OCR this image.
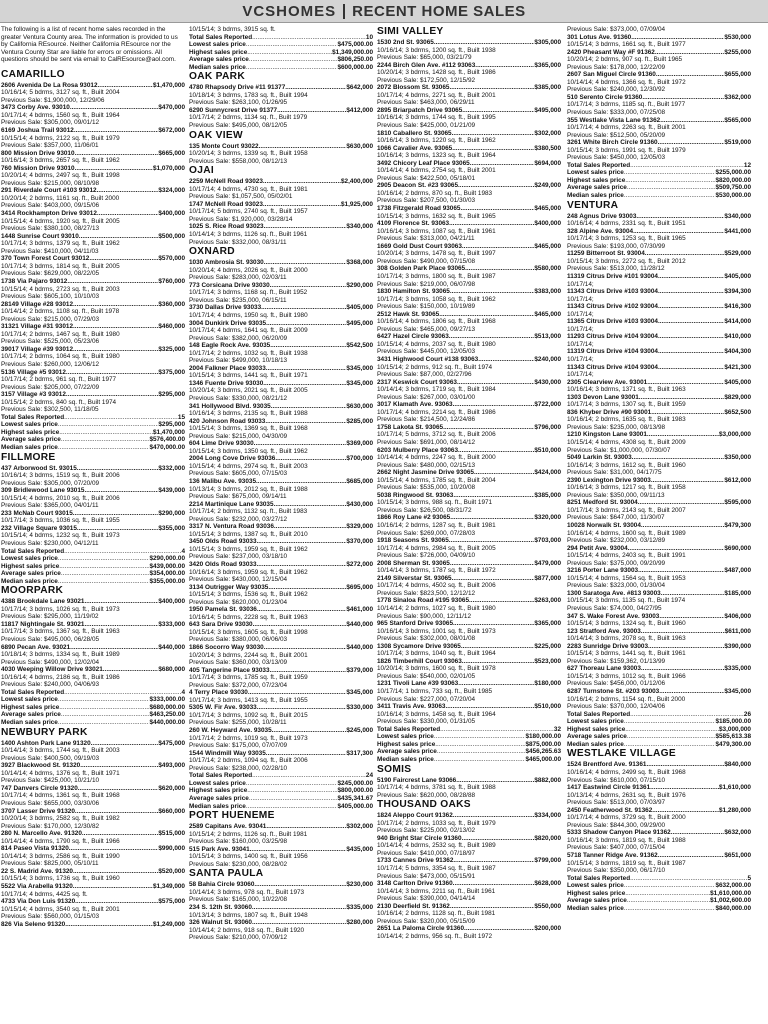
VCSHOMES RECENT HOME SALES
The following is a list of recent home sales recorded in the greater Ventura County area. The information is provided to us by California REsource. Neither California REsource nor the Ventura County Star are liable for errors or omissions. All questions should be sent via email to CalREsource@aol.com.
CAMARILLO
2606 Avenida De La Rosa 93012 .....	$1,470,000
10/16/14; 5 bdrms, 3127 sq. ft., Built 2004
Previous Sale: $1,900,000, 12/29/06
3473 Corby Ave. 93010 .....	$470,000
10/17/14; 4 bdrms, 1560 sq. ft., Built 1964
Previous Sale: $305,000, 09/01/12
6169 Joshua Trail 93012 .....	$672,000
10/15/14; 4 bdrms, 2122 sq. ft., Built 1979
Previous Sale: $357,000, 11/06/01
800 Mission Drive 93010 .....	$665,000
10/16/14; 3 bdrms, 2657 sq. ft., Built 1962
760 Mission Drive 93010 .....	$1,070,000
10/20/14; 4 bdrms, 2497 sq. ft., Built 1998
Previous Sale: $215,000, 08/10/98
291 Riverdale Court #103 93012 .....	$324,000
10/20/14; 2 bdrms, 1161 sq. ft., Built 2000
Previous Sale: $403,000, 09/15/06
3414 Rockhampton Drive 93012 .....	$400,000
10/15/14; 4 bdrms, 1920 sq. ft., Built 2005
Previous Sale: $380,100, 08/27/13
1448 Sunrise Court 93010 .....	$500,000
10/17/14; 3 bdrms, 1379 sq. ft., Built 1962
Previous Sale: $410,000, 04/11/03
370 Town Forest Court 93012 .....	$570,000
10/17/14; 3 bdrms, 1814 sq. ft., Built 2005
Previous Sale: $629,000, 08/22/05
1738 Via Pajaro 93012 .....	$760,000
10/15/14; 4 bdrms, 2723 sq. ft., Built 2003
Previous Sale: $605,100, 10/10/03
28149 Village #28 93012 .....	$360,000
10/14/14; 2 bdrms, 1108 sq. ft., Built 1978
Previous Sale: $215,000, 07/29/03
31321 Village #31 93012 .....	$460,000
10/17/14; 2 bdrms, 1467 sq. ft., Built 1980
Previous Sale: $525,000, 05/23/06
39017 Village #39 93012 .....	$325,000
10/17/14; 2 bdrms, 1064 sq. ft., Built 1980
Previous Sale: $260,000, 12/06/12
5136 Village #5 93012 .....	$375,000
10/17/14; 2 bdrms, 961 sq. ft., Built 1977
Previous Sale: $205,000, 07/22/09
3157 Village #3 93012 .....	$295,000
10/15/14; 2 bdrms, 840 sq. ft., Built 1974
Previous Sale: $302,500, 11/18/05
Total Sales Reported .....	15
Lowest sales price .....	$295,000
Highest sales price .....	$1,470,000
Average sales price .....	$576,400.00
Median sales price .....	$470,000.00
FILLMORE
437 Arborwood St. 93015 .....	$332,000
10/16/14; 3 bdrms, 1519 sq. ft., Built 2006
Previous Sale: $305,000, 07/20/09
309 Bridlewood Lane 93015 .....	$439,000
10/15/14; 4 bdrms, 2010 sq. ft., Built 2006
Previous Sale: $365,000, 04/01/11
233 McNab Court 93015 .....	$290,000
10/17/14; 3 bdrms, 1036 sq. ft., Built 1955
232 Village Square 93015 .....	$355,000
10/15/14; 4 bdrms, 1232 sq. ft., Built 1973
Previous Sale: $230,000, 04/12/11
Total Sales Reported .....	4
Lowest sales price .....	$290,000.00
Highest sales price .....	$439,000.00
Average sales price .....	$354,000.00
Median sales price .....	$355,000.00
MOORPARK
4388 Brookdale Lane 93021 .....	$400,000
10/17/14; 3 bdrms, 1026 sq. ft., Built 1973
Previous Sale: $295,000, 11/19/02
11817 Nightingale St. 93021 .....	$333,000
10/17/14; 3 bdrms, 1367 sq. ft., Built 1963
Previous Sale: $495,000, 06/28/05
6890 Pecan Ave. 93021 .....	$440,000
10/18/14; 3 bdrms, 1334 sq. ft., Built 1989
Previous Sale: $490,000, 12/02/04
4030 Weeping Willow Drive 93021 .....	$680,000
10/16/14; 4 bdrms, 2186 sq. ft., Built 1986
Previous Sale: $240,000, 04/06/93
Total Sales Reported .....	4
Lowest sales price .....	$333,000.00
Highest sales price .....	$680,000.00
Average sales price .....	$463,250.00
Median sales price .....	$440,000.00
NEWBURY PARK
1400 Ashton Park Lane 91320 .....	$475,000
10/14/14; 3 bdrms, 1744 sq. ft., Built 2003
Previous Sale: $400,500, 09/19/03
3927 Blackwood St. 91320 .....	$493,000
10/14/14; 4 bdrms, 1376 sq. ft., Built 1971
Previous Sale: $425,000, 10/21/10
747 Danvers Circle 91320 .....	$620,000
10/17/14; 4 bdrms, 1361 sq. ft., Built 1968
Previous Sale: $655,000, 03/30/06
3707 Lasser Drive 91320 .....	$660,000
10/20/14; 3 bdrms, 2582 sq. ft., Built 1982
Previous Sale: $170,000, 12/30/82
280 N. Marcello Ave. 91320 .....	$515,000
10/14/14; 4 bdrms, 1790 sq. ft., Built 1966
814 Paseo Vista 91320 .....	$990,000
10/14/14; 3 bdrms, 2586 sq. ft., Built 1990
Previous Sale: $825,000, 05/10/11
22 S. Madrid Ave. 91320 .....	$520,000
10/15/14; 3 bdrms, 1736 sq. ft., Built 1960
5522 Via Arabella 91320 .....	$1,349,000
10/17/14; 4 bdrms, 4425 sq. ft.
4733 Via Don Luis 91320 .....	$575,000
10/15/14; 4 bdrms, 3540 sq. ft., Built 2001
Previous Sale: $560,000, 01/15/03
826 Via Seleno 91320 .....	$1,249,000
10/15/14; 3 bdrms, 3915 sq. ft.
Total Sales Reported .....	10
Lowest sales price .....	$475,000.00
Highest sales price .....	$1,349,000.00
Average sales price .....	$806,250.00
Median sales price .....	$600,000.00
OAK PARK
4780 Rhapsody Drive #11 91377 .....	$642,000
10/18/14; 3 bdrms, 1783 sq. ft., Built 1994
Previous Sale: $263,100, 01/26/95
6290 Sunnycrest Drive 91377 .....	$412,000
10/17/14; 2 bdrms, 1134 sq. ft., Built 1979
Previous Sale: $495,000, 08/12/05
OAK VIEW
135 Monte Court 93022 .....	$630,000
10/20/14; 3 bdrms, 1339 sq. ft., Built 1958
Previous Sale: $558,000, 08/12/13
OJAI
2259 McNell Road 93023 .....	$2,400,000
10/17/14; 4 bdrms, 4730 sq. ft., Built 1981
Previous Sale: $1,057,500, 05/02/01
1747 McNell Road 93023 .....	$1,925,000
10/17/14; 5 bdrms, 2740 sq. ft., Built 1957
Previous Sale: $1,920,000, 03/28/14
1025 S. Rice Road 93023 .....	$340,000
10/14/14; 3 bdrms, 1126 sq. ft., Built 1961
Previous Sale: $332,000, 08/31/11
OXNARD
1030 Ambrosia St. 93030 .....	$368,000
10/20/14; 4 bdrms, 2026 sq. ft., Built 2000
Previous Sale: $283,000, 02/03/11
773 Corsicana Drive 93030 .....	$290,000
10/17/14; 3 bdrms, 1168 sq. ft., Built 1952
Previous Sale: $235,000, 06/15/11
3730 Dallas Drive 93033 .....	$405,000
10/17/14; 4 bdrms, 1950 sq. ft., Built 1980
3004 Dunkirk Drive 93035 .....	$495,000
10/17/14; 4 bdrms, 1641 sq. ft., Built 2009
Previous Sale: $382,000, 06/20/09
148 Eagle Rock Ave. 93035 .....	$542,500
10/17/14; 2 bdrms, 1032 sq. ft., Built 1938
Previous Sale: $499,000, 10/18/13
2004 Falkner Place 93033 .....	$345,000
10/15/14; 3 bdrms, 1441 sq. ft., Built 1971
1346 Fuente Drive 93030 .....	$345,000
10/20/14; 3 bdrms, 2021 sq. ft., Built 2005
Previous Sale: $330,000, 08/21/12
341 Hollywood Blvd. 93035 .....	$630,000
10/16/14; 3 bdrms, 2135 sq. ft., Built 1988
420 Johnson Road 93033 .....	$285,000
10/15/14; 3 bdrms, 1369 sq. ft., Built 1968
Previous Sale: $215,000, 04/30/09
604 Lime Drive 93030 .....	$369,000
10/15/14; 3 bdrms, 1350 sq. ft., Built 1962
2004 Long Cove Drive 93036 .....	$700,000
10/15/14; 4 bdrms, 2974 sq. ft., Built 2003
Previous Sale: $605,000, 07/15/03
136 Malibu Ave. 93035 .....	$685,000
10/13/14; 3 bdrms, 2012 sq. ft., Built 1988
Previous Sale: $675,000, 09/14/11
2214 Martinique Lane 93035 .....	$430,000
10/17/14; 2 bdrms, 1132 sq. ft., Built 1983
Previous Sale: $232,000, 03/27/12
3317 N. Ventura Road 93036 .....	$329,000
10/15/14; 3 bdrms, 1387 sq. ft., Built 2010
3450 Olds Road 93033 .....	$370,000
10/15/14; 3 bdrms, 1959 sq. ft., Built 1962
Previous Sale: $237,000, 03/18/10
3420 Olds Road 93033 .....	$272,000
10/16/14; 3 bdrms, 1959 sq. ft., Built 1962
Previous Sale: $430,000, 12/15/04
3134 Outrigger Way 93035 .....	$695,000
10/15/14; 3 bdrms, 1536 sq. ft., Built 1962
Previous Sale: $620,000, 01/23/04
1950 Pamela St. 93036 .....	$461,000
10/16/14; 5 bdrms, 2228 sq. ft., Built 1963
643 Sara Drive 93030 .....	$440,000
10/15/14; 3 bdrms, 1605 sq. ft., Built 1998
Previous Sale: $380,000, 06/06/03
1866 Socorro Way 93030 .....	$440,000
10/20/14; 3 bdrms, 2244 sq. ft., Built 2001
Previous Sale: $360,000, 03/13/09
405 Tangerine Place 93033 .....	$379,000
10/17/14; 3 bdrms, 1785 sq. ft., Built 1959
Previous Sale: $372,000, 07/23/04
4 Terry Place 93030 .....	$345,000
10/17/14; 3 bdrms, 1413 sq. ft., Built 1955
5305 W. Fir Ave. 93033 .....	$330,000
10/17/14; 3 bdrms, 1092 sq. ft., Built 2015
Previous Sale: $255,000, 10/28/11
260 W. Heyward Ave. 93035 .....	$245,000
10/17/14; 2 bdrms, 1019 sq. ft., Built 1973
Previous Sale: $175,000, 07/07/09
1544 Windmill Way 93035 .....	$317,300
10/17/14; 2 bdrms, 1094 sq. ft., Built 2006
Previous Sale: $238,000, 02/28/10
Total Sales Reported .....	24
Lowest sales price .....	$245,000.00
Highest sales price .....	$800,000.00
Average sales price .....	$435,341.67
Median sales price .....	$405,000.00
PORT HUENEME
2589 Capitans Ave. 93041 .....	$302,000
10/15/14; 2 bdrms, 1126 sq. ft., Built 1981
Previous Sale: $160,000, 03/25/98
515 Park Ave. 93041 .....	$435,000
10/15/14; 3 bdrms, 1400 sq. ft., Built 1956
Previous Sale: $230,000, 08/28/02
SANTA PAULA
58 Bahia Circle 93060 .....	$230,000
10/14/14; 3 bdrms, 978 sq. ft., Built 1973
Previous Sale: $165,000, 10/22/08
234 S. 12th St. 93060 .....	$335,000
10/13/14; 3 bdrms, 1807 sq. ft., Built 1948
326 Walnut St. 93060 .....	$280,000
10/14/14; 2 bdrms, 918 sq. ft., Built 1920
Previous Sale: $210,000, 07/09/12
SIMI VALLEY
1530 2nd St. 93065 .....	$305,000
10/16/14; 3 bdrms, 1200 sq. ft., Built 1938
Previous Sale: $65,000, 03/21/79
2244 Birch Glen Ave. #112 93063 .....	$365,000
10/20/14; 3 bdrms, 1428 sq. ft., Built 1986
Previous Sale: $172,500, 12/15/92
2072 Blossom St. 93065 .....	$385,000
10/17/14; 4 bdrms, 2271 sq. ft., Built 2001
Previous Sale: $463,000, 06/29/11
2895 Briarpatch Drive 93065 .....	$495,000
10/16/14; 3 bdrms, 1744 sq. ft., Built 1995
Previous Sale: $425,000, 01/21/09
1810 Caballero St. 93065 .....	$302,000
10/16/14; 3 bdrms, 1220 sq. ft., Built 1962
1066 Cavalier Ave. 93065 .....	$380,500
10/16/14; 3 bdrms, 1323 sq. ft., Built 1964
3492 Chicory Leaf Place 93065 .....	$694,000
10/14/14; 4 bdrms, 2754 sq. ft., Built 2001
Previous Sale: $422,500, 05/18/01
2905 Deacon St. #23 93065 .....	$249,000
10/16/14; 2 bdrms, 870 sq. ft., Built 1983
Previous Sale: $207,500, 01/30/03
1738 Fitzgerald Road 93065 .....	$465,000
10/15/14; 3 bdrms, 1632 sq. ft., Built 1965
4109 Florence St. 93063 .....	$400,000
10/16/14; 3 bdrms, 1087 sq. ft., Built 1961
Previous Sale: $313,000, 04/21/11
1669 Gold Dust Court 93063 .....	$465,000
10/20/14; 3 bdrms, 1478 sq. ft., Built 1997
Previous Sale: $490,000, 07/15/08
308 Golden Park Place 93065 .....	$580,000
10/17/14; 3 bdrms, 1800 sq. ft., Built 1987
Previous Sale: $219,000, 06/07/98
1830 Hamilton St. 93065 .....	$383,000
10/17/14; 3 bdrms, 1058 sq. ft., Built 1962
Previous Sale: $150,000, 10/19/89
2512 Hawk St. 93065 .....	$465,000
10/16/14; 4 bdrms, 1806 sq. ft., Built 1968
Previous Sale: $465,000, 09/27/13
6427 Hazel Circle 93063 .....	$513,000
10/15/14; 4 bdrms, 2037 sq. ft., Built 1980
Previous Sale: $445,000, 12/05/03
3431 Highwood Court #138 93063 .....	$240,000
10/15/14; 2 bdrms, 912 sq. ft., Built 1974
Previous Sale: $87,000, 02/27/96
2317 Keswick Court 93063 .....	$430,000
10/14/14; 3 bdrms, 1719 sq. ft., Built 1984
Previous Sale: $267,000, 03/01/00
3017 Klamath Ave. 93063 .....	$722,000
10/17/14; 4 bdrms, 2214 sq. ft., Built 1986
Previous Sale: $214,500, 12/24/86
1758 Lakota St. 93065 .....	$796,000
10/17/14; 5 bdrms, 3712 sq. ft., Built 2006
Previous Sale: $691,000, 08/14/12
6203 Mulberry Place 93063 .....	$510,000
10/14/14; 4 bdrms, 2247 sq. ft., Built 2000
Previous Sale: $480,000, 02/15/13
2662 Night Jasmine Drive 93065 .....	$424,000
10/15/14; 4 bdrms, 1785 sq. ft., Built 2004
Previous Sale: $535,000, 10/20/08
5038 Ringwood St. 93063 .....	$385,000
10/15/14; 3 bdrms, 988 sq. ft., Built 1971
Previous Sale: $26,500, 08/31/72
1866 Roy Lane #2 93065 .....	$320,000
10/16/14; 2 bdrms, 1287 sq. ft., Built 1981
Previous Sale: $269,000, 07/28/03
1918 Seasons St. 93065 .....	$703,000
10/17/14; 4 bdrms, 2984 sq. ft., Built 2005
Previous Sale: $726,000, 04/09/10
2008 Sherman St. 93065 .....	$479,000
10/14/14; 3 bdrms, 1787 sq. ft., Built 1972
2149 Silverstar St. 93065 .....	$877,000
10/17/14; 4 bdrms, 4502 sq. ft., Built 2006
Previous Sale: $823,500, 12/12/12
1778 Sinaloa Road #195 93065 .....	$263,000
10/14/14; 2 bdrms, 1027 sq. ft., Built 1980
Previous Sale: $90,000, 12/11/12
965 Stanford Drive 93065 .....	$365,000
10/16/14; 3 bdrms, 1001 sq. ft., Built 1973
Previous Sale: $302,000, 08/01/08
1308 Sycamore Drive 93065 .....	$225,000
10/17/14; 3 bdrms, 1040 sq. ft., Built 1964
1826 Timberhill Court 93063 .....	$523,000
10/20/14; 3 bdrms, 1600 sq. ft., Built 1978
Previous Sale: $540,000, 02/01/05
1231 Tivoli Lane #39 93063 .....	$180,000
10/17/14; 1 bdrms, 733 sq. ft., Built 1985
Previous Sale: $227,000, 07/20/04
3411 Travis Ave. 93063 .....	$510,000
10/16/14; 3 bdrms, 1458 sq. ft., Built 1964
Previous Sale: $330,000, 01/31/05
Total Sales Reported .....	32
Lowest sales price .....	$180,000.00
Highest sales price .....	$875,000.00
Average sales price .....	$456,265.63
Median sales price .....	$465,000.00
SOMIS
5190 Faircrest Lane 93066 .....	$882,000
10/17/14; 4 bdrms, 3781 sq. ft., Built 1988
Previous Sale: $620,000, 08/28/88
THOUSAND OAKS
1824 Aleppo Court 91362 .....	$334,000
10/17/14; 2 bdrms, 1033 sq. ft., Built 1979
Previous Sale: $225,000, 02/13/02
940 Bright Star Circle 91360 .....	$820,000
10/14/14; 4 bdrms, 2532 sq. ft., Built 1989
Previous Sale: $410,000, 07/18/97
1733 Cannes Drive 91362 .....	$799,000
10/17/14; 5 bdrms, 3354 sq. ft., Built 1987
Previous Sale: $473,000, 05/15/91
3148 Carlton Drive 91360 .....	$628,000
10/14/14; 3 bdrms, 2211 sq. ft., Built 1961
Previous Sale: $390,000, 04/14/14
2130 Deerfield St. 91362 .....	$550,000
10/16/14; 2 bdrms, 1128 sq. ft., Built 1981
Previous Sale: $320,000, 05/15/09
2651 La Paloma Circle 91360 .....	$200,000
10/14/14; 2 bdrms, 956 sq. ft., Built 1972
Previous Sale: $373,000, 07/09/04
301 Lotus Ave. 91360 .....	$530,000
10/15/14; 3 bdrms, 1661 sq. ft., Built 1977
2420 Pheasant Way #F 91362 .....	$255,000
10/20/14; 2 bdrms, 907 sq. ft., Built 1965
Previous Sale: $178,000, 12/22/09
2607 San Miguel Circle 91360 .....	$655,000
10/14/14; 4 bdrms, 1366 sq. ft., Built 1972
Previous Sale: $240,000, 12/30/92
510 Serento Circle 91360 .....	$362,000
10/17/14; 3 bdrms, 1185 sq. ft., Built 1977
Previous Sale: $333,000, 07/25/08
355 Westlake Vista Lane 91362 .....	$565,000
10/17/14; 4 bdrms, 2263 sq. ft., Built 2001
Previous Sale: $512,500, 05/20/09
3261 White Birch Circle 91360 .....	$519,000
10/15/14; 3 bdrms, 1991 sq. ft., Built 1979
Previous Sale: $450,000, 12/05/03
Total Sales Reported .....	12
Lowest sales price .....	$255,000.00
Highest sales price .....	$820,000.00
Average sales price .....	$509,750.00
Median sales price .....	$530,000.00
VENTURA
248 Agnus Drive 93003 .....	$340,000
10/16/14; 4 bdrms, 2331 sq. ft., Built 1951
328 Alpine Ave. 93004 .....	$441,000
10/17/14; 3 bdrms, 1253 sq. ft., Built 1965
Previous Sale: $193,000, 07/30/99
11259 Bitterroot St. 93004 .....	$529,000
10/15/14; 3 bdrms, 2272 sq. ft., Built 2012
Previous Sale: $513,000, 11/28/12
11319 Citrus Drive #101 93004 .....	$405,000
10/17/14;
11343 Citrus Drive #103 93004 .....	$394,300
10/17/14;
11343 Citrus Drive #102 93004 .....	$416,300
10/17/14;
11365 Citrus Drive #103 93004 .....	$414,000
10/17/14;
11293 Citrus Drive #104 93004 .....	$410,000
10/17/14;
11319 Citrus Drive #104 93004 .....	$404,300
10/17/14;
11343 Citrus Drive #104 93004 .....	$421,300
10/17/14;
2305 Clearview Ave. 93001 .....	$405,000
10/16/14; 3 bdrms, 1371 sq. ft., Built 1963
1303 Devon Lane 93001 .....	$829,000
10/17/14; 3 bdrms, 1307 sq. ft., Built 1959
836 Khyber Drive #90 93001 .....	$652,500
10/16/14; 2 bdrms, 1635 sq. ft., Built 1983
Previous Sale: $235,000, 08/13/98
1210 Kingston Lane 93001 .....	$3,000,000
10/15/14; 4 bdrms, 4308 sq. ft., Built 2009
Previous Sale: $1,000,000, 07/30/07
5049 Larkin St. 93003 .....	$350,000
10/16/14; 3 bdrms, 1612 sq. ft., Built 1960
Previous Sale: $31,000, 04/17/75
2390 Lexington Drive 93003 .....	$612,000
10/16/14; 3 bdrms, 1217 sq. ft., Built 1958
Previous Sale: $350,000, 09/11/13
8251 Medford St. 93004 .....	$595,000
10/17/14; 3 bdrms, 2143 sq. ft., Built 2007
Previous Sale: $647,000, 11/30/07
10028 Norwalk St. 93004 .....	$479,300
10/16/14; 4 bdrms, 1600 sq. ft., Built 1989
Previous Sale: $232,000, 03/12/89
294 Petit Ave. 93004 .....	$690,000
10/15/14; 4 bdrms, 2403 sq. ft., Built 1991
Previous Sale: $375,000, 09/20/99
3216 Porter Lane 93003 .....	$487,000
10/15/14; 4 bdrms, 1564 sq. ft., Built 1953
Previous Sale: $323,000, 01/30/04
1300 Saratoga Ave. #813 93003 .....	$185,000
10/15/14; 3 bdrms, 1135 sq. ft., Built 1974
Previous Sale: $74,000, 04/27/95
347 S. Wake Forest Ave. 93003 .....	$406,000
10/15/14; 3 bdrms, 1324 sq. ft., Built 1960
123 Stratford Ave. 93003 .....	$611,000
10/14/14; 3 bdrms, 2078 sq. ft., Built 1963
2283 Sunridge Drive 93003 .....	$390,000
10/15/14; 3 bdrms, 1441 sq. ft., Built 1961
Previous Sale: $159,362, 01/13/99
627 Thoreau Lane 93003 .....	$335,000
10/15/14; 3 bdrms, 1012 sq. ft., Built 1966
Previous Sale: $456,000, 01/12/06
6287 Turnstone St. #203 93003 .....	$345,000
10/16/14; 2 bdrms, 1154 sq. ft., Built 2000
Previous Sale: $370,000, 12/04/06
Total Sales Reported .....	26
Lowest sales price .....	$185,000.00
Highest sales price .....	$3,000,000
Average sales price .....	$585,613.38
Median sales price .....	$479,300.00
WESTLAKE VILLAGE
1524 Brentford Ave. 91361 .....	$840,000
10/16/14; 4 bdrms, 2499 sq. ft., Built 1968
Previous Sale: $610,000, 07/15/10
1417 Eastwind Circle 91361 .....	$1,610,000
10/13/14; 4 bdrms, 2631 sq. ft., Built 1976
Previous Sale: $513,000, 07/03/97
2450 Featherwood St. 91362 .....	$1,280,000
10/17/14; 4 bdrms, 3729 sq. ft., Built 2000
Previous Sale: $844,300, 09/29/00
5333 Shadow Canyon Place 91362 .....	$632,000
10/16/14; 3 bdrms, 1819 sq. ft., Built 1988
Previous Sale: $407,000, 07/15/04
5718 Tanner Ridge Ave. 91362 .....	$651,000
10/15/14; 3 bdrms, 1819 sq. ft., Built 1987
Previous Sale: $350,000, 06/17/10
Total Sales Reported .....	5
Lowest sales price .....	$632,000.00
Highest sales price .....	$1,610,000.00
Average sales price .....	$1,002,600.00
Median sales price .....	$840,000.00
